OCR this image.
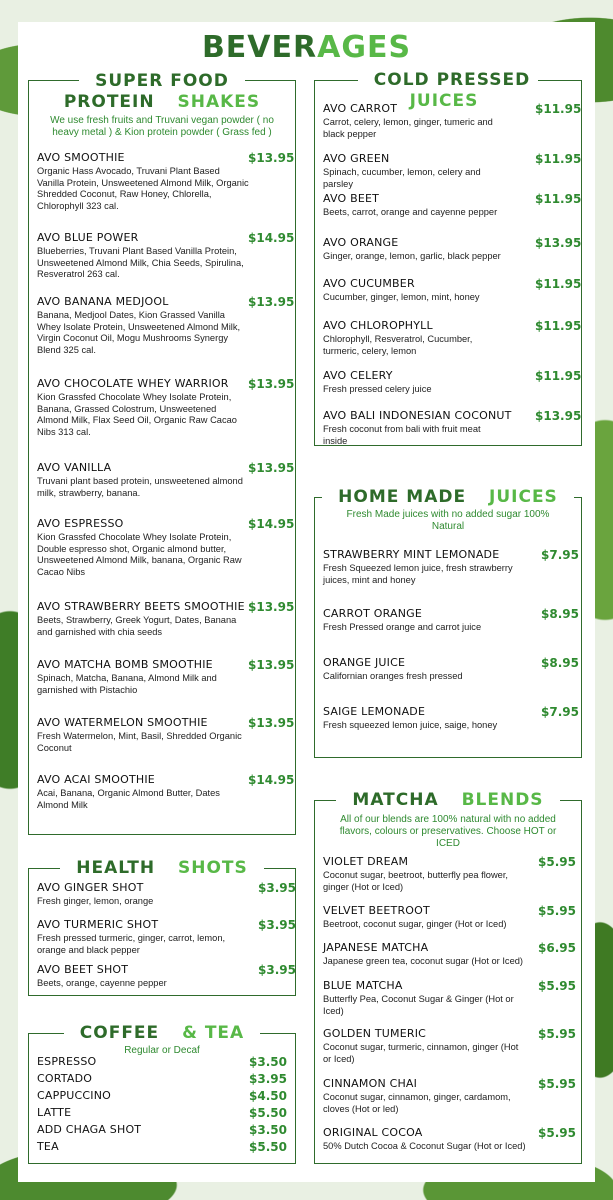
BEVERAGES
SUPER FOOD
PROTEIN SHAKES
We use fresh fruits and Truvani vegan powder ( no heavy metal ) & Kion protein powder ( Grass fed )
AVO SMOOTHIE
Organic Hass Avocado, Truvani Plant Based Vanilla Protein, Unsweetened Almond Milk, Organic Shredded Coconut, Raw Honey, Chlorella, Chlorophyll 323 cal.
$13.95
AVO BLUE POWER
Blueberries, Truvani Plant Based Vanilla Protein, Unsweetened Almond Milk, Chia Seeds, Spirulina, Resveratrol 263 cal.
$14.95
AVO BANANA MEDJOOL
Banana, Medjool Dates, Kion Grassed Vanilla Whey Isolate Protein, Unsweetened Almond Milk, Virgin Coconut Oil, Mogu Mushrooms Synergy Blend 325 cal.
$13.95
AVO CHOCOLATE WHEY WARRIOR
Kion Grassfed Chocolate Whey Isolate Protein, Banana, Grassed Colostrum, Unsweetened Almond Milk, Flax Seed Oil, Organic Raw Cacao Nibs 313 cal.
$13.95
AVO VANILLA
Truvani plant based protein, unsweetened almond milk, strawberry, banana.
$13.95
AVO ESPRESSO
Kion Grassfed Chocolate Whey Isolate Protein, Double espresso shot, Organic almond butter, Unsweetened Almond Milk, banana, Organic Raw Cacao Nibs
$14.95
AVO STRAWBERRY BEETS SMOOTHIE
Beets, Strawberry, Greek Yogurt, Dates, Banana and garnished with chia seeds
$13.95
AVO MATCHA BOMB SMOOTHIE
Spinach, Matcha, Banana, Almond Milk and garnished with Pistachio
$13.95
AVO WATERMELON SMOOTHIE
Fresh Watermelon, Mint, Basil, Shredded Organic Coconut
$13.95
AVO ACAI SMOOTHIE
Acai, Banana, Organic Almond Butter, Dates Almond Milk
$14.95
COLD PRESSED JUICES
AVO CARROT
Carrot, celery, lemon, ginger, tumeric and black pepper
$11.95
AVO GREEN
Spinach, cucumber, lemon, celery and parsley
$11.95
AVO BEET
Beets, carrot, orange and cayenne pepper
$11.95
AVO ORANGE
Ginger, orange, lemon, garlic, black pepper
$13.95
AVO CUCUMBER
Cucumber, ginger, lemon, mint, honey
$11.95
AVO CHLOROPHYLL
Chlorophyll, Resveratrol, Cucumber, turmeric, celery, lemon
$11.95
AVO CELERY
Fresh pressed celery juice
$11.95
AVO BALI INDONESIAN COCONUT
Fresh coconut from bali with fruit meat inside
$13.95
HOME MADE JUICES
Fresh Made juices with no added sugar 100% Natural
STRAWBERRY MINT LEMONADE
Fresh Squeezed lemon juice, fresh strawberry juices, mint and honey
$7.95
CARROT ORANGE
Fresh Pressed orange and carrot juice
$8.95
ORANGE JUICE
Californian oranges fresh pressed
$8.95
SAIGE LEMONADE
Fresh squeezed lemon juice, saige, honey
$7.95
HEALTH SHOTS
AVO GINGER SHOT
Fresh ginger, lemon, orange
$3.95
AVO TURMERIC SHOT
Fresh pressed turmeric, ginger, carrot, lemon, orange and black pepper
$3.95
AVO BEET SHOT
Beets, orange, cayenne pepper
$3.95
COFFEE & TEA
Regular or Decaf
ESPRESSO	$3.50
CORTADO	$3.95
CAPPUCCINO	$4.50
LATTE	$5.50
ADD CHAGA SHOT	$3.50
TEA	$5.50
MATCHA BLENDS
All of our blends are 100% natural with no added flavors, colours or preservatives. Choose HOT or ICED
VIOLET DREAM
Coconut sugar, beetroot, butterfly pea flower, ginger (Hot or Iced)
$5.95
VELVET BEETROOT
Beetroot, coconut sugar, ginger (Hot or Iced)
$5.95
JAPANESE MATCHA
Japanese green tea, coconut sugar (Hot or Iced)
$6.95
BLUE MATCHA
Butterfly Pea, Coconut Sugar & Ginger (Hot or Iced)
$5.95
GOLDEN TUMERIC
Coconut sugar, turmeric, cinnamon, ginger (Hot or Iced)
$5.95
CINNAMON CHAI
Coconut sugar, cinnamon, ginger, cardamom, cloves (Hot or led)
$5.95
ORIGINAL COCOA
50% Dutch Cocoa & Coconut Sugar (Hot or Iced)
$5.95
